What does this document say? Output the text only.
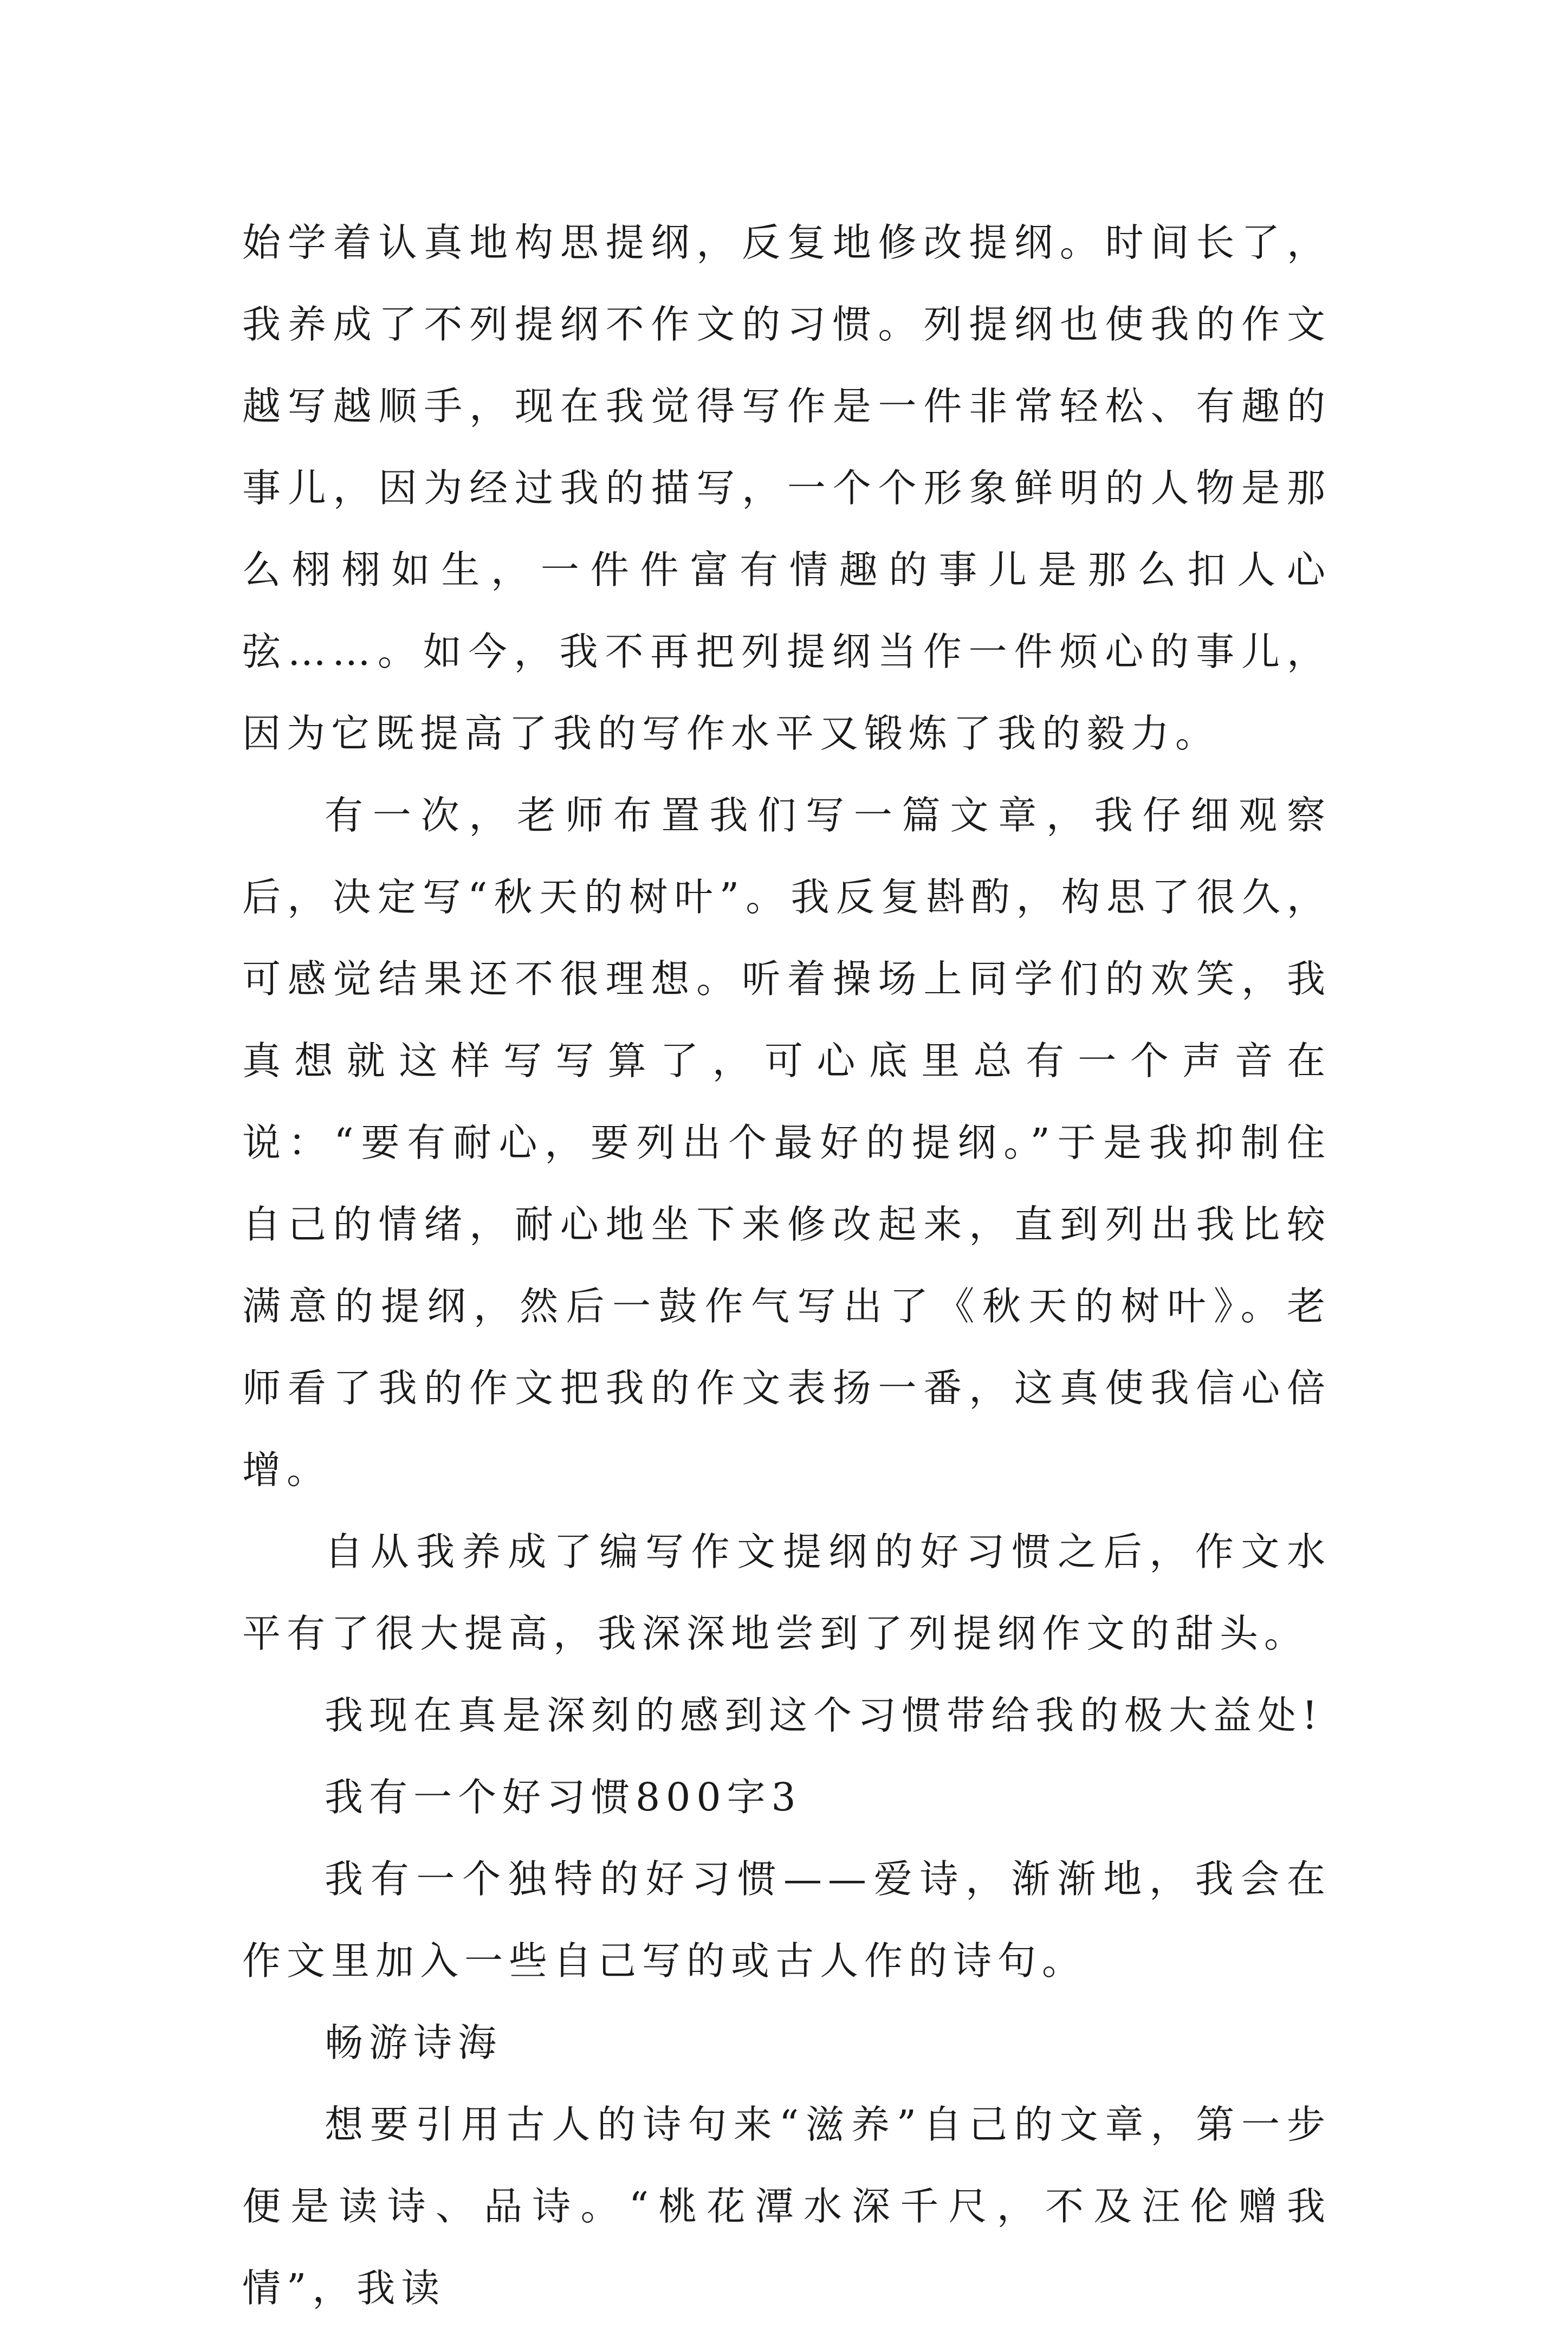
始学着认真地构思提纲，反复地修改提纲。时间长了，我养成了不列提纲不作文的习惯。列提纲也使我的作文越写越顺手，现在我觉得写作是一件非常轻松、有趣的事儿，因为经过我的描写，一个个形象鲜明的人物是那么栩栩如生，一件件富有情趣的事儿是那么扣人心弦……。如今，我不再把列提纲当作一件烦心的事儿，因为它既提高了我的写作水平又锻炼了我的毅力。

有一次，老师布置我们写一篇文章，我仔细观察后，决定写“秋天的树叶”。我反复斟酌，构思了很久，可感觉结果还不很理想。听着操场上同学们的欢笑，我真想就这样写写算了，可心底里总有一个声音在说：“要有耐心，要列出个最好的提纲。”于是我抑制住自己的情绪，耐心地坐下来修改起来，直到列出我比较满意的提纲，然后一鼓作气写出了《秋天的树叶》。老师看了我的作文把我的作文表扬一番，这真使我信心倍增。

自从我养成了编写作文提纲的好习惯之后，作文水平有了很大提高，我深深地尝到了列提纲作文的甜头。

我现在真是深刻的感到这个习惯带给我的极大益处!

我有一个好习惯800字3

我有一个独特的好习惯——爱诗，渐渐地，我会在作文里加入一些自己写的或古人作的诗句。

畅游诗海

想要引用古人的诗句来“滋养”自己的文章，第一步便是读诗、品诗。“桃花潭水深千尺，不及汪伦赠我情”，我读
